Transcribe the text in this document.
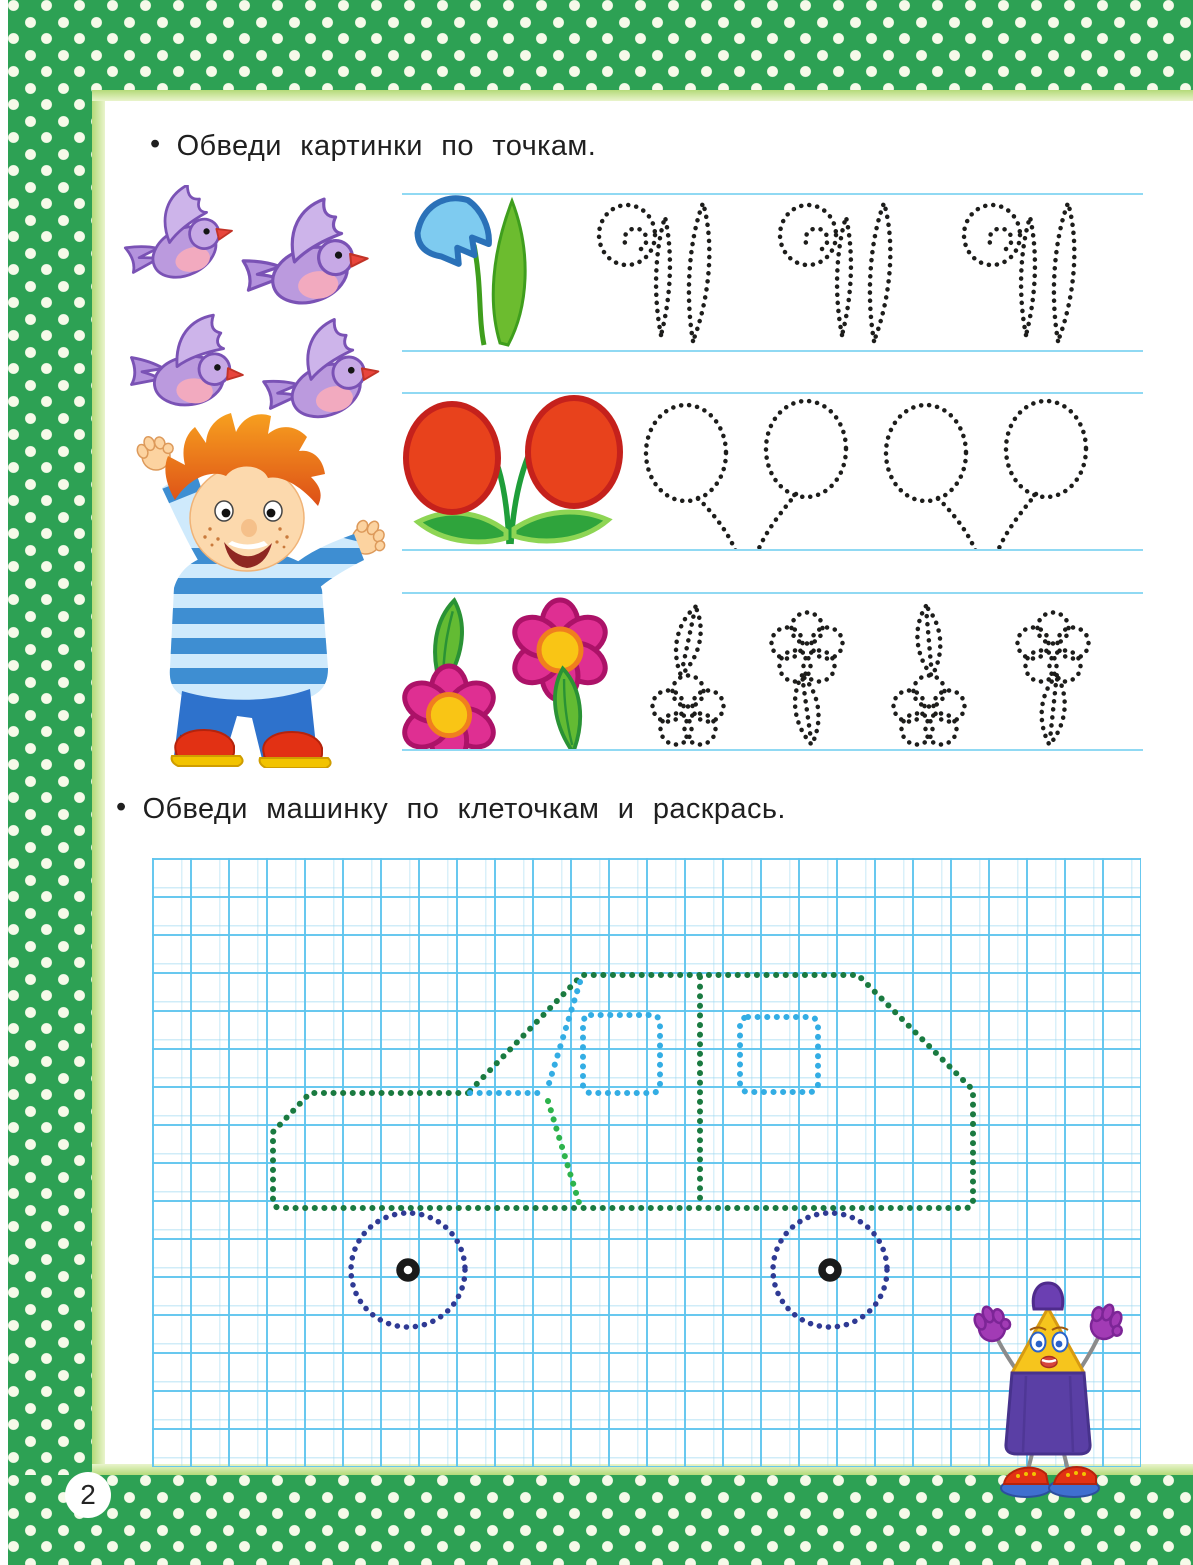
2
• Обведи картинки по точкам.
• Обведи машинку по клеточкам и раскрась.
